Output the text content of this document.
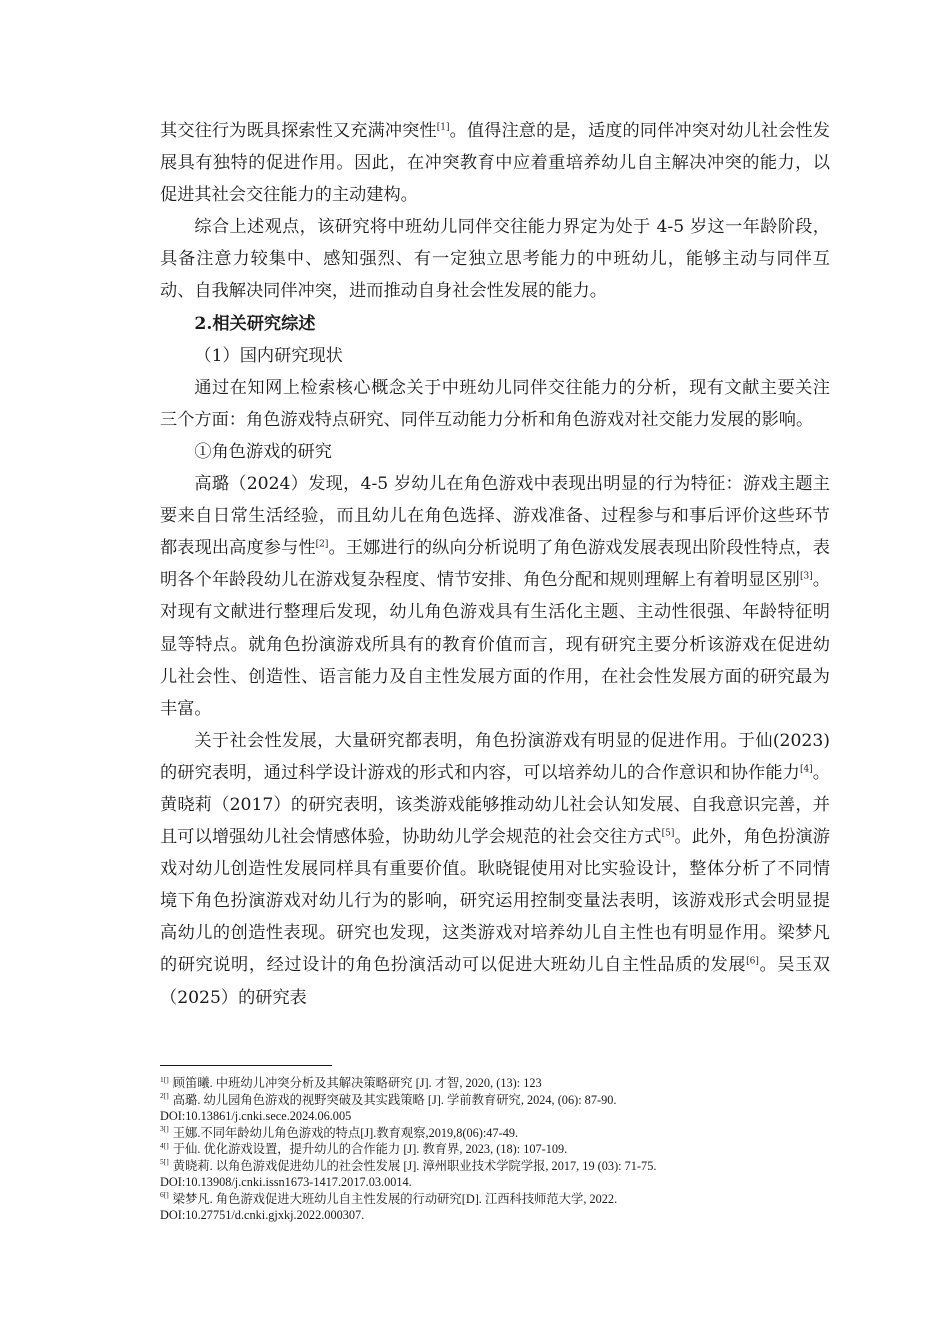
其交往行为既具探索性又充满冲突性[1]。值得注意的是，适度的同伴冲突对幼儿社会性发展具有独特的促进作用。因此，在冲突教育中应着重培养幼儿自主解决冲突的能力，以促进其社会交往能力的主动建构。

综合上述观点，该研究将中班幼儿同伴交往能力界定为处于 4-5 岁这一年龄阶段，具备注意力较集中、感知强烈、有一定独立思考能力的中班幼儿，能够主动与同伴互动、自我解决同伴冲突，进而推动自身社会性发展的能力。

2.相关研究综述

（1）国内研究现状

通过在知网上检索核心概念关于中班幼儿同伴交往能力的分析，现有文献主要关注三个方面：角色游戏特点研究、同伴互动能力分析和角色游戏对社交能力发展的影响。

①角色游戏的研究

高璐（2024）发现，4-5 岁幼儿在角色游戏中表现出明显的行为特征：游戏主题主要来自日常生活经验，而且幼儿在角色选择、游戏准备、过程参与和事后评价这些环节都表现出高度参与性[2]。王娜进行的纵向分析说明了角色游戏发展表现出阶段性特点，表明各个年龄段幼儿在游戏复杂程度、情节安排、角色分配和规则理解上有着明显区别[3]。对现有文献进行整理后发现，幼儿角色游戏具有生活化主题、主动性很强、年龄特征明显等特点。就角色扮演游戏所具有的教育价值而言，现有研究主要分析该游戏在促进幼儿社会性、创造性、语言能力及自主性发展方面的作用，在社会性发展方面的研究最为丰富。

关于社会性发展，大量研究都表明，角色扮演游戏有明显的促进作用。于仙(2023)的研究表明，通过科学设计游戏的形式和内容，可以培养幼儿的合作意识和协作能力[4]。黄晓莉（2017）的研究表明，该类游戏能够推动幼儿社会认知发展、自我意识完善，并且可以增强幼儿社会情感体验，协助幼儿学会规范的社会交往方式[5]。此外，角色扮演游戏对幼儿创造性发展同样具有重要价值。耿晓锟使用对比实验设计，整体分析了不同情境下角色扮演游戏对幼儿行为的影响，研究运用控制变量法表明，该游戏形式会明显提高幼儿的创造性表现。研究也发现，这类游戏对培养幼儿自主性也有明显作用。梁梦凡的研究说明，经过设计的角色扮演活动可以促进大班幼儿自主性品质的发展[6]。吴玉双（2025）的研究表

$^{1[]}$ 顾笛曦. 中班幼儿冲突分析及其解决策略研究 [J]. 才智, 2020, (13): 123

$^{2[]}$ 高璐. 幼儿园角色游戏的视野突破及其实践策略 [J]. 学前教育研究, 2024, (06): 87-90.

DOI:10.13861/j.cnki.sece.2024.06.005

$^{3[]}$ 王娜.不同年龄幼儿角色游戏的特点[J].教育观察,2019,8(06):47-49.

$^{4[]}$ 于仙. 优化游戏设置，提升幼儿的合作能力 [J]. 教育界, 2023, (18): 107-109.

$^{5[]}$ 黄晓莉. 以角色游戏促进幼儿的社会性发展 [J]. 漳州职业技术学院学报, 2017, 19 (03): 71-75.

DOI:10.13908/j.cnki.issn1673-1417.2017.03.0014.

$^{6[]}$ 梁梦凡. 角色游戏促进大班幼儿自主性发展的行动研究[D]. 江西科技师范大学, 2022.

DOI:10.27751/d.cnki.gjxkj.2022.000307.
